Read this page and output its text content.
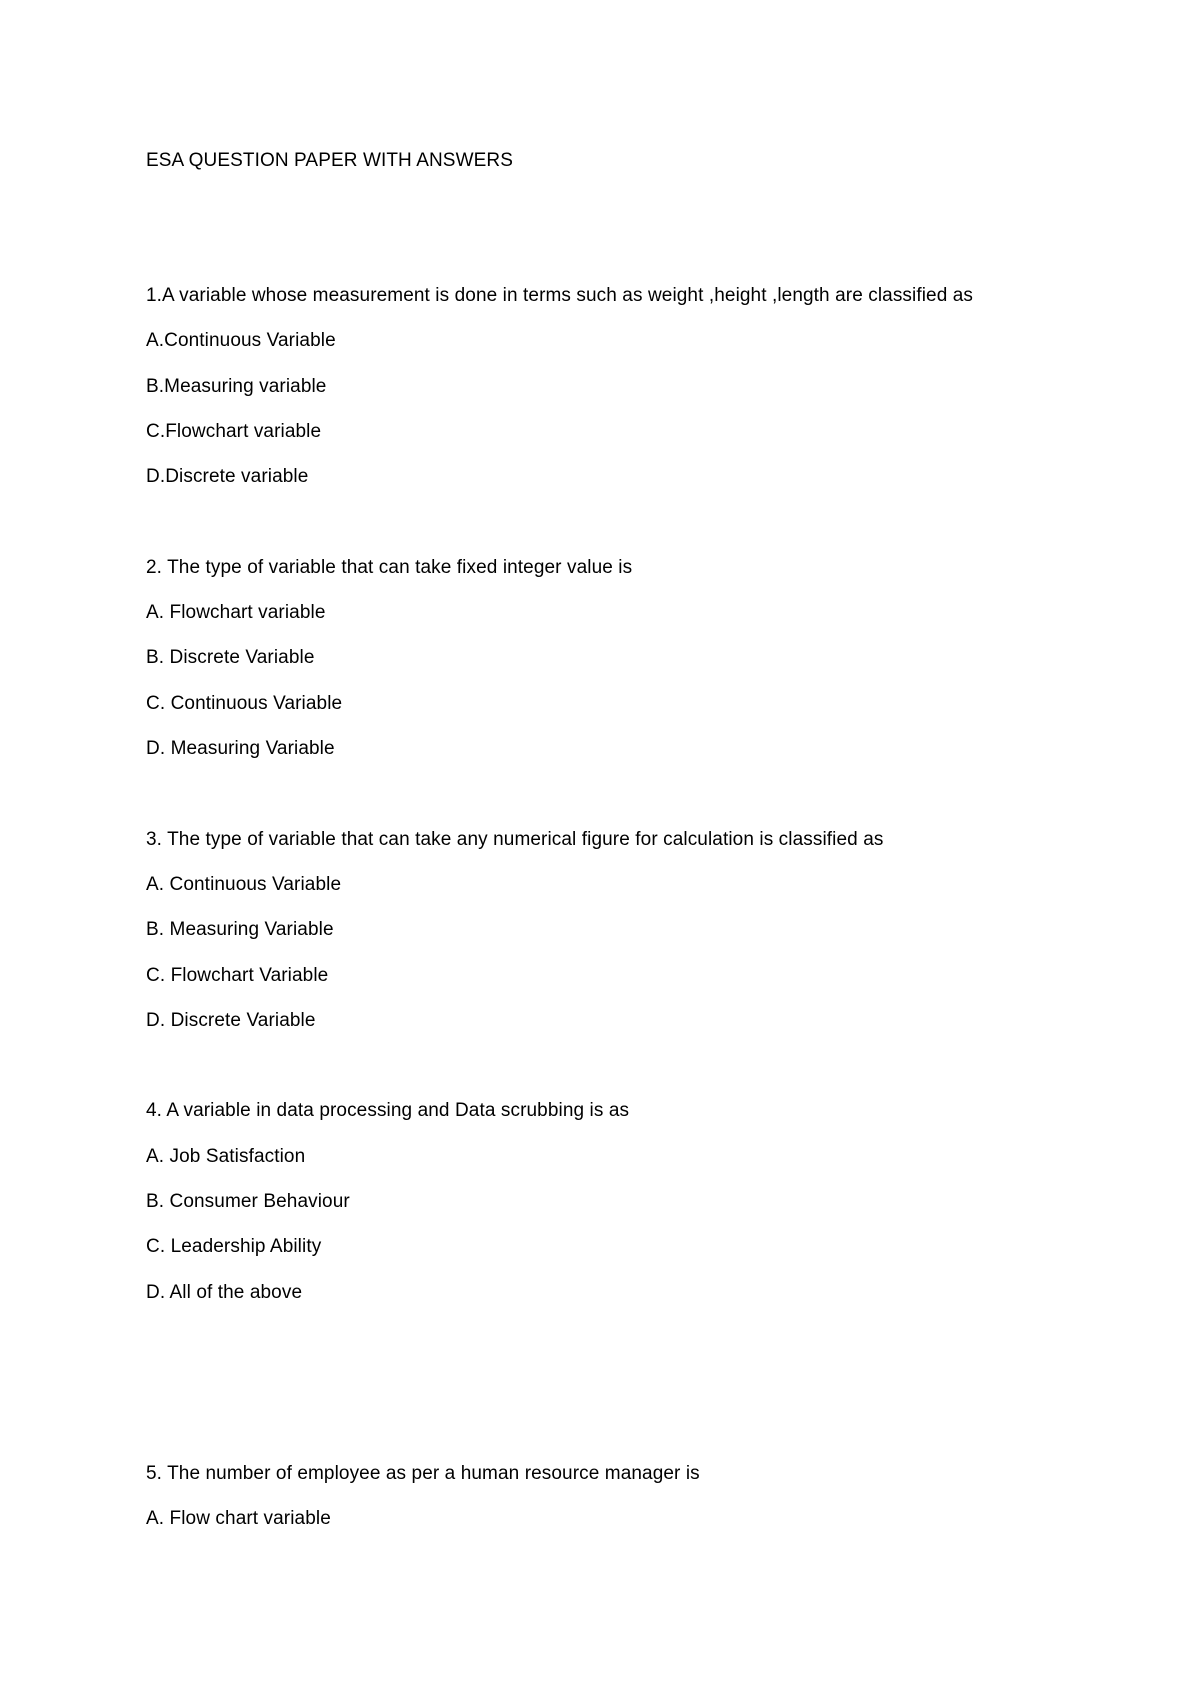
ESA QUESTION PAPER WITH ANSWERS
1.A variable whose measurement is done in terms such as weight ,height ,length are classified as
A.Continuous Variable
B.Measuring variable
C.Flowchart variable
D.Discrete variable
2. The type of variable that can take fixed integer value is
A. Flowchart variable
B. Discrete Variable
C. Continuous Variable
D. Measuring Variable
3. The type of variable that can take any numerical figure for calculation is classified as
A. Continuous Variable
B. Measuring Variable
C. Flowchart Variable
D. Discrete Variable
4. A variable in data processing and Data scrubbing is as
A. Job Satisfaction
B. Consumer Behaviour
C. Leadership Ability
D. All of the above
5. The number of employee as per a human resource manager is
A. Flow chart variable
